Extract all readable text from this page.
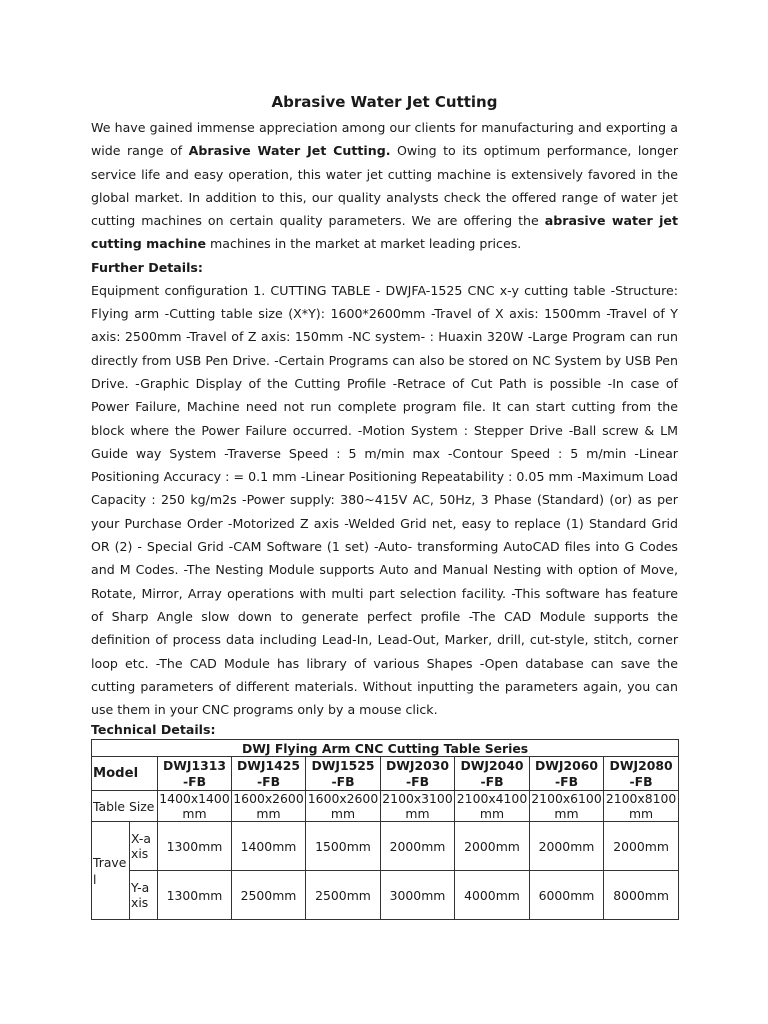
Abrasive Water Jet Cutting

We have gained immense appreciation among our clients for manufacturing and exporting a wide range of Abrasive Water Jet Cutting. Owing to its optimum performance, longer service life and easy operation, this water jet cutting machine is extensively favored in the global market. In addition to this, our quality analysts check the offered range of water jet cutting machines on certain quality parameters. We are offering the abrasive water jet cutting machine machines in the market at market leading prices.

Further Details:

Equipment configuration 1. CUTTING TABLE - DWJFA-1525 CNC x-y cutting table -Structure: Flying arm -Cutting table size (X*Y): 1600*2600mm -Travel of X axis: 1500mm -Travel of Y axis: 2500mm -Travel of Z axis: 150mm -NC system- : Huaxin 320W -Large Program can run directly from USB Pen Drive. -Certain Programs can also be stored on NC System by USB Pen Drive. -Graphic Display of the Cutting Profile -Retrace of Cut Path is possible -In case of Power Failure, Machine need not run complete program file. It can start cutting from the block where the Power Failure occurred. -Motion System : Stepper Drive -Ball screw & LM Guide way System -Traverse Speed : 5 m/min max -Contour Speed : 5 m/min -Linear Positioning Accuracy : = 0.1 mm -Linear Positioning Repeatability : 0.05 mm -Maximum Load Capacity : 250 kg/m2s -Power supply: 380~415V AC, 50Hz, 3 Phase (Standard) (or) as per your Purchase Order -Motorized Z axis -Welded Grid net, easy to replace (1) Standard Grid OR (2) - Special Grid -CAM Software (1 set) -Auto- transforming AutoCAD files into G Codes and M Codes. -The Nesting Module supports Auto and Manual Nesting with option of Move, Rotate, Mirror, Array operations with multi part selection facility. -This software has feature of Sharp Angle slow down to generate perfect profile -The CAD Module supports the definition of process data including Lead-In, Lead-Out, Marker, drill, cut-style, stitch, corner loop etc. -The CAD Module has library of various Shapes -Open database can save the cutting parameters of different materials. Without inputting the parameters again, you can use them in your CNC programs only by a mouse click.

Technical Details:

DWJ Flying Arm CNC Cutting Table Series								
Model		DWJ1313 -FB	DWJ1425 -FB	DWJ1525 -FB	DWJ2030 -FB	DWJ2040 -FB	DWJ2060 -FB	DWJ2080 -FB
Table Size		1400x1400 mm	1600x2600 mm	1600x2600 mm	2100x3100 mm	2100x4100 mm	2100x6100 mm	2100x8100 mm
Travel	X-axis	1300mm	1400mm	1500mm	2000mm	2000mm	2000mm	2000mm
	Y-axis	1300mm	2500mm	2500mm	3000mm	4000mm	6000mm	8000mm
